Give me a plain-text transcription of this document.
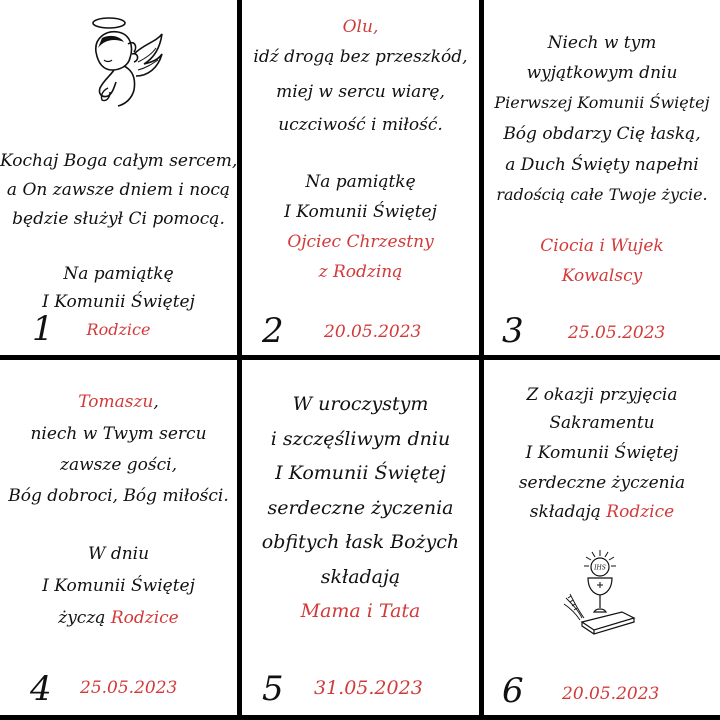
Kochaj Boga całym sercem,
a On zawsze dniem i nocą
będzie służył Ci pomocą.
Na pamiątkę
I Komunii Świętej
Rodzice
1
Olu,
idź drogą bez przeszkód,
miej w sercu wiarę,
uczciwość i miłość.
Na pamiątkę
I Komunii Świętej
Ojciec Chrzestny
z Rodziną
2 20.05.2023
Niech w tym
wyjątkowym dniu
Pierwszej Komunii Świętej
Bóg obdarzy Cię łaską,
a Duch Święty napełni
radością całe Twoje życie.
Ciocia i Wujek
Kowalscy
3	25.05.2023
Tomaszu,
niech w Twym sercu
zawsze gości,
Bóg dobroci, Bóg miłości.
W dniu
I Komunii Świętej
życzą Rodzice
4 25.05.2023
W uroczystym
i szczęśliwym dniu
I Komunii Świętej
serdeczne życzenia
obfitych łask Bożych
składają
Mama i Tata
5 31.05.2023
Z okazji przyjęcia
Sakramentu
I Komunii Świętej
serdeczne życzenia
składają Rodzice
IHS
6 20.05.2023
